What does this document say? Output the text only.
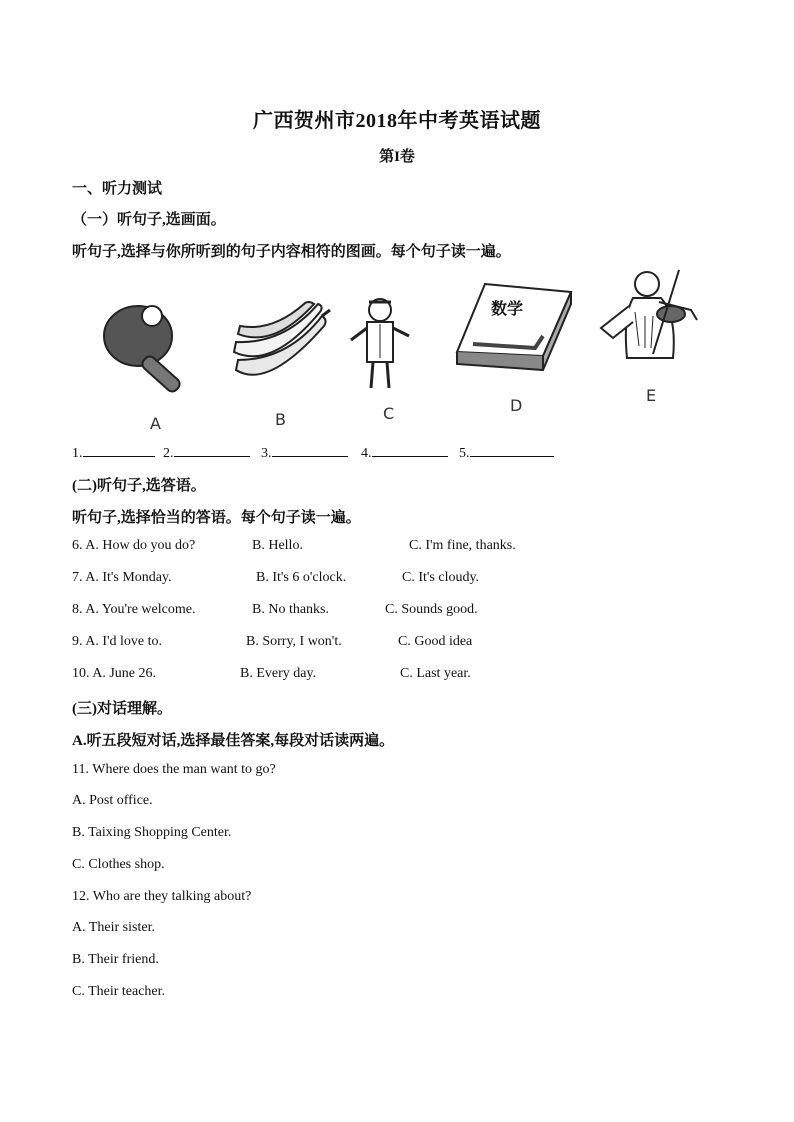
广西贺州市2018年中考英语试题
第I卷
一、听力测试
（一）听句子,选画面。
听句子,选择与你所听到的句子内容相符的图画。每个句子读一遍。
A	B	C
数学
D
E
1.	2.	3.	4.	5.
(二)听句子,选答语。
听句子,选择恰当的答语。每个句子读一遍。
6. A. How do you do?	B. Hello.	C. I'm fine, thanks.
7. A. It's Monday.	B. It's 6 o'clock.	C. It's cloudy.
8. A. You're welcome.	B. No thanks.	C. Sounds good.
9. A. I'd love to.	B. Sorry, I won't.	C. Good idea
10. A. June 26.	B. Every day.	C. Last year.
(三)对话理解。
A.听五段短对话,选择最佳答案,每段对话读两遍。
11. Where does the man want to go?
A. Post office.
B. Taixing Shopping Center.
C. Clothes shop.
12. Who are they talking about?
A. Their sister.
B. Their friend.
C. Their teacher.
